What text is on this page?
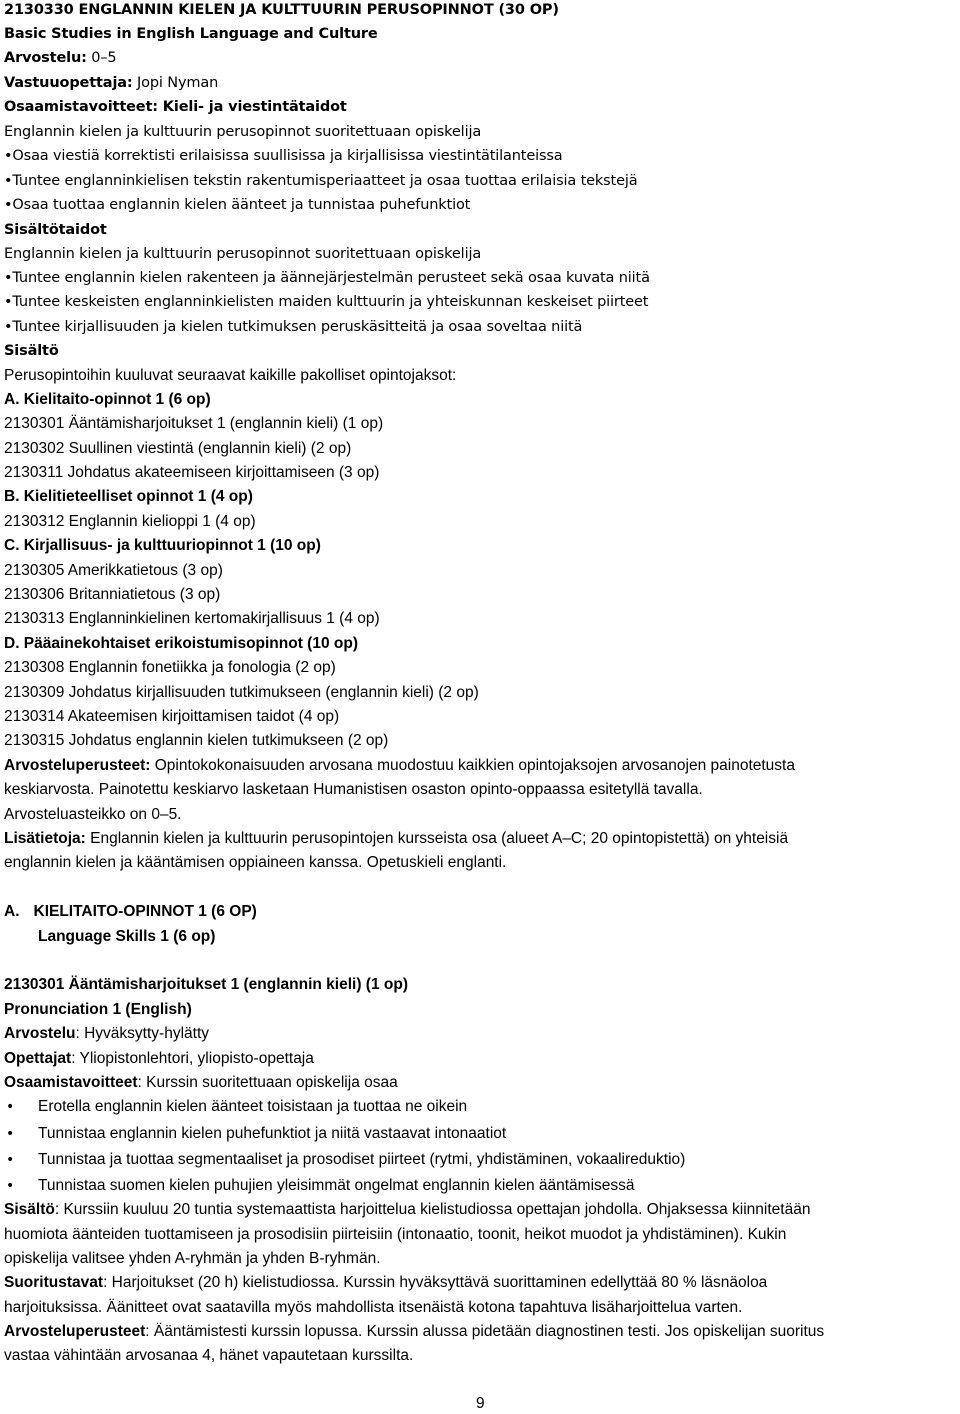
2130330 ENGLANNIN KIELEN JA KULTTUURIN PERUSOPINNOT (30 OP)
Basic Studies in English Language and Culture
Arvostelu: 0–5
Vastuuopettaja: Jopi Nyman
Osaamistavoitteet: Kieli- ja viestintätaidot
Englannin kielen ja kulttuurin perusopinnot suoritettuaan opiskelija
•Osaa viestiä korrektisti erilaisissa suullisissa ja kirjallisissa viestintätilanteissa
•Tuntee englanninkielisen tekstin rakentumisperiaatteet ja osaa tuottaa erilaisia tekstejä
•Osaa tuottaa englannin kielen äänteet ja tunnistaa puhefunktiot
Sisältötaidot
Englannin kielen ja kulttuurin perusopinnot suoritettuaan opiskelija
•Tuntee englannin kielen rakenteen ja äännejärjestelmän perusteet sekä osaa kuvata niitä
•Tuntee keskeisten englanninkielisten maiden kulttuurin ja yhteiskunnan keskeiset piirteet
•Tuntee kirjallisuuden ja kielen tutkimuksen peruskäsitteitä ja osaa soveltaa niitä
Sisältö
Perusopintoihin kuuluvat seuraavat kaikille pakolliset opintojaksot:
A. Kielitaito-opinnot 1 (6 op)
2130301 Ääntämisharjoitukset 1 (englannin kieli) (1 op)
2130302 Suullinen viestintä (englannin kieli) (2 op)
2130311 Johdatus akateemiseen kirjoittamiseen (3 op)
B. Kielitieteelliset opinnot 1 (4 op)
2130312 Englannin kielioppi 1 (4 op)
C. Kirjallisuus- ja kulttuuriopinnot 1 (10 op)
2130305 Amerikkatietous (3 op)
2130306 Britanniatietous (3 op)
2130313 Englanninkielinen kertomakirjallisuus 1 (4 op)
D. Pääainekohtaiset erikoistumisopinnot (10 op)
2130308 Englannin fonetiikka ja fonologia (2 op)
2130309 Johdatus kirjallisuuden tutkimukseen (englannin kieli) (2 op)
2130314 Akateemisen kirjoittamisen taidot (4 op)
2130315 Johdatus englannin kielen tutkimukseen (2 op)
Arvosteluperusteet: Opintokokonaisuuden arvosana muodostuu kaikkien opintojaksojen arvosanojen painotetusta
keskiarvosta. Painotettu keskiarvo lasketaan Humanistisen osaston opinto-oppaassa esitetyllä tavalla.
Arvosteluasteikko on 0–5.
Lisätietoja: Englannin kielen ja kulttuurin perusopintojen kursseista osa (alueet A–C; 20 opintopistettä) on yhteisiä
englannin kielen ja kääntämisen oppiaineen kanssa. Opetuskieli englanti.
A. KIELITAITO-OPINNOT 1 (6 OP)
Language Skills 1 (6 op)
2130301 Ääntämisharjoitukset 1 (englannin kieli) (1 op)
Pronunciation 1 (English)
Arvostelu: Hyväksytty-hylätty
Opettajat: Yliopistonlehtori, yliopisto-opettaja
Osaamistavoitteet: Kurssin suoritettuaan opiskelija osaa
• Erotella englannin kielen äänteet toisistaan ja tuottaa ne oikein
• Tunnistaa englannin kielen puhefunktiot ja niitä vastaavat intonaatiot
• Tunnistaa ja tuottaa segmentaaliset ja prosodiset piirteet (rytmi, yhdistäminen, vokaalireduktio)
• Tunnistaa suomen kielen puhujien yleisimmät ongelmat englannin kielen ääntämisessä
Sisältö: Kurssiin kuuluu 20 tuntia systemaattista harjoittelua kielistudiossa opettajan johdolla. Ohjaksessa kiinnitetään
huomiota äänteiden tuottamiseen ja prosodisiin piirteisiin (intonaatio, toonit, heikot muodot ja yhdistäminen). Kukin
opiskelija valitsee yhden A-ryhmän ja yhden B-ryhmän.
Suoritustavat: Harjoitukset (20 h) kielistudiossa. Kurssin hyväksyttävä suorittaminen edellyttää 80 % läsnäoloa
harjoituksissa. Äänitteet ovat saatavilla myös mahdollista itsenäistä kotona tapahtuva lisäharjoittelua varten.
Arvosteluperusteet: Ääntämistesti kurssin lopussa. Kurssin alussa pidetään diagnostinen testi. Jos opiskelijan suoritus
vastaa vähintään arvosanaa 4, hänet vapautetaan kurssilta.
9
